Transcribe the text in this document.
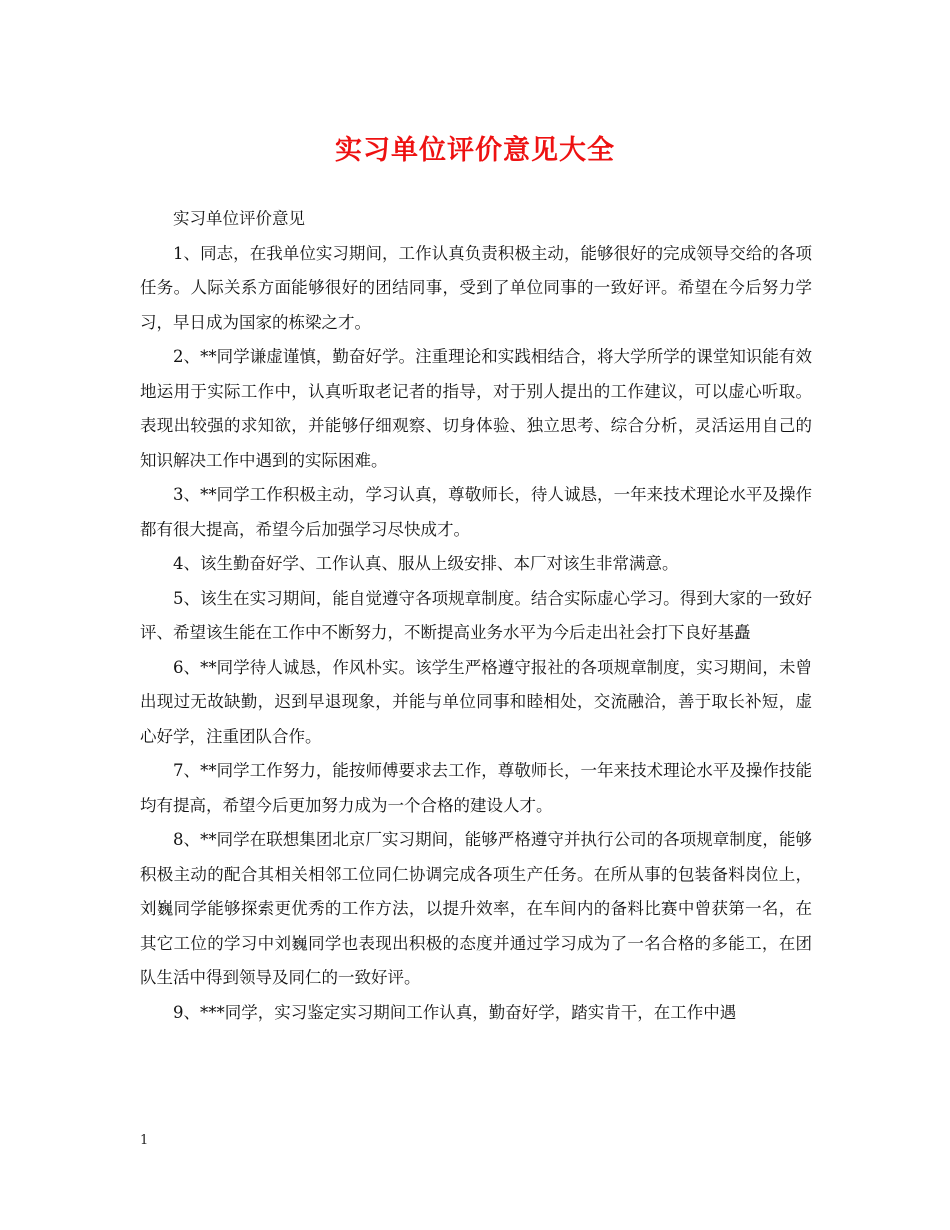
实习单位评价意见大全

实习单位评价意见

1、同志，在我单位实习期间，工作认真负责积极主动，能够很好的完成领导交给的各项任务。人际关系方面能够很好的团结同事，受到了单位同事的一致好评。希望在今后努力学习，早日成为国家的栋梁之才。

2、**同学谦虚谨慎，勤奋好学。注重理论和实践相结合，将大学所学的课堂知识能有效地运用于实际工作中，认真听取老记者的指导，对于别人提出的工作建议，可以虚心听取。表现出较强的求知欲，并能够仔细观察、切身体验、独立思考、综合分析，灵活运用自己的知识解决工作中遇到的实际困难。

3、**同学工作积极主动，学习认真，尊敬师长，待人诚恳，一年来技术理论水平及操作都有很大提高，希望今后加强学习尽快成才。

4、该生勤奋好学、工作认真、服从上级安排、本厂对该生非常满意。

5、该生在实习期间，能自觉遵守各项规章制度。结合实际虚心学习。得到大家的一致好评、希望该生能在工作中不断努力，不断提高业务水平为今后走出社会打下良好基矗

6、**同学待人诚恳，作风朴实。该学生严格遵守报社的各项规章制度，实习期间，未曾出现过无故缺勤，迟到早退现象，并能与单位同事和睦相处，交流融洽，善于取长补短，虚心好学，注重团队合作。

7、**同学工作努力，能按师傅要求去工作，尊敬师长，一年来技术理论水平及操作技能均有提高，希望今后更加努力成为一个合格的建设人才。

8、**同学在联想集团北京厂实习期间，能够严格遵守并执行公司的各项规章制度，能够积极主动的配合其相关相邻工位同仁协调完成各项生产任务。在所从事的包装备料岗位上，刘巍同学能够探索更优秀的工作方法，以提升效率，在车间内的备料比赛中曾获第一名，在其它工位的学习中刘巍同学也表现出积极的态度并通过学习成为了一名合格的多能工，在团队生活中得到领导及同仁的一致好评。

9、***同学，实习鉴定实习期间工作认真，勤奋好学，踏实肯干，在工作中遇

1
